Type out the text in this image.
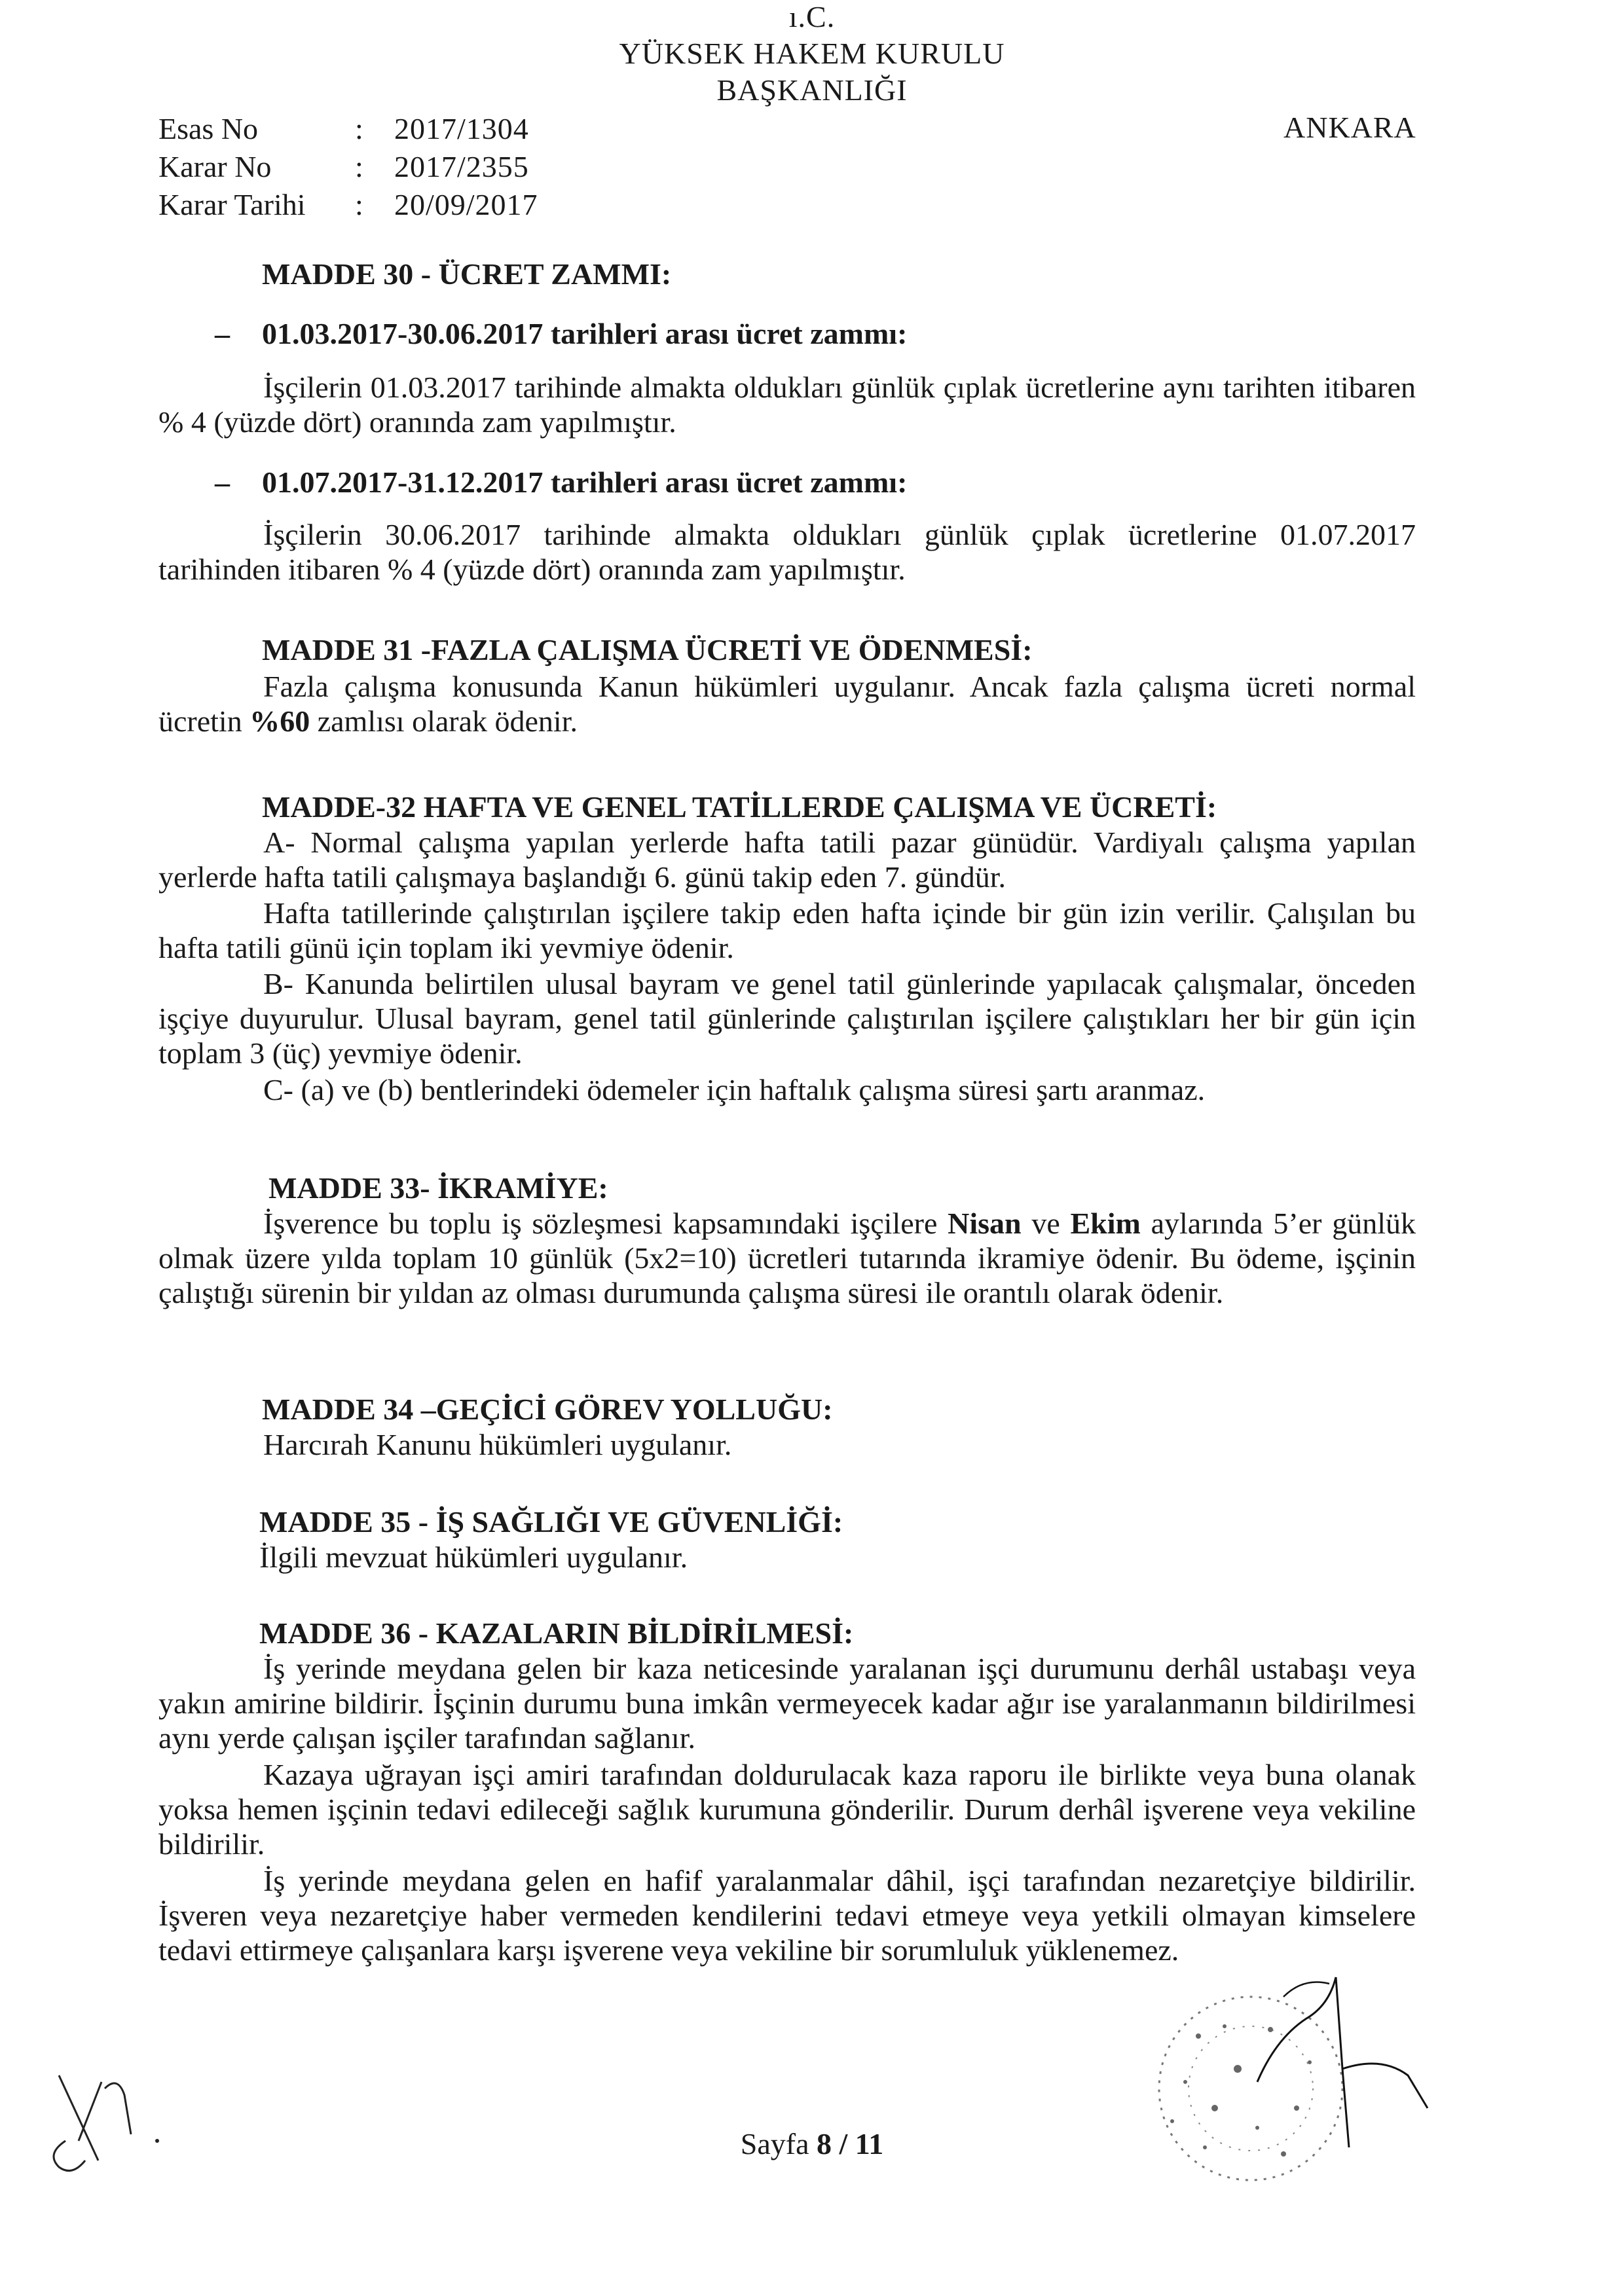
ı.C.
YÜKSEK HAKEM KURULU
BAŞKANLIĞI
Esas No	:	2017/1304
Karar No	:	2017/2355
Karar Tarihi	:	20/09/2017
ANKARA
MADDE 30 - ÜCRET ZAMMI:
– 01.03.2017-30.06.2017 tarihleri arası ücret zammı:
İşçilerin 01.03.2017 tarihinde almakta oldukları günlük çıplak ücretlerine aynı tarihten itibaren % 4 (yüzde dört) oranında zam yapılmıştır.
– 01.07.2017-31.12.2017 tarihleri arası ücret zammı:
İşçilerin 30.06.2017 tarihinde almakta oldukları günlük çıplak ücretlerine 01.07.2017 tarihinden itibaren % 4 (yüzde dört) oranında zam yapılmıştır.
MADDE 31 -FAZLA ÇALIŞMA ÜCRETİ VE ÖDENMESİ:
Fazla çalışma konusunda Kanun hükümleri uygulanır. Ancak fazla çalışma ücreti normal ücretin %60 zamlısı olarak ödenir.
MADDE-32 HAFTA VE GENEL TATİLLERDE ÇALIŞMA VE ÜCRETİ:
A- Normal çalışma yapılan yerlerde hafta tatili pazar günüdür. Vardiyalı çalışma yapılan yerlerde hafta tatili çalışmaya başlandığı 6. günü takip eden 7. gündür.
Hafta tatillerinde çalıştırılan işçilere takip eden hafta içinde bir gün izin verilir. Çalışılan bu hafta tatili günü için toplam iki yevmiye ödenir.
B- Kanunda belirtilen ulusal bayram ve genel tatil günlerinde yapılacak çalışmalar, önceden işçiye duyurulur. Ulusal bayram, genel tatil günlerinde çalıştırılan işçilere çalıştıkları her bir gün için toplam 3 (üç) yevmiye ödenir.
C- (a) ve (b) bentlerindeki ödemeler için haftalık çalışma süresi şartı aranmaz.
MADDE 33- İKRAMİYE:
İşverence bu toplu iş sözleşmesi kapsamındaki işçilere Nisan ve Ekim aylarında 5’er günlük olmak üzere yılda toplam 10 günlük (5x2=10) ücretleri tutarında ikramiye ödenir. Bu ödeme, işçinin çalıştığı sürenin bir yıldan az olması durumunda çalışma süresi ile orantılı olarak ödenir.
MADDE 34 –GEÇİCİ GÖREV YOLLUĞU:
Harcırah Kanunu hükümleri uygulanır.
MADDE 35 - İŞ SAĞLIĞI VE GÜVENLİĞİ:
İlgili mevzuat hükümleri uygulanır.
MADDE 36 - KAZALARIN BİLDİRİLMESİ:
İş yerinde meydana gelen bir kaza neticesinde yaralanan işçi durumunu derhâl ustabaşı veya yakın amirine bildirir. İşçinin durumu buna imkân vermeyecek kadar ağır ise yaralanmanın bildirilmesi aynı yerde çalışan işçiler tarafından sağlanır.
Kazaya uğrayan işçi amiri tarafından doldurulacak kaza raporu ile birlikte veya buna olanak yoksa hemen işçinin tedavi edileceği sağlık kurumuna gönderilir. Durum derhâl işverene veya vekiline bildirilir.
İş yerinde meydana gelen en hafif yaralanmalar dâhil, işçi tarafından nezaretçiye bildirilir. İşveren veya nezaretçiye haber vermeden kendilerini tedavi etmeye veya yetkili olmayan kimselere tedavi ettirmeye çalışanlara karşı işverene veya vekiline bir sorumluluk yüklenemez.
Sayfa 8 / 11
